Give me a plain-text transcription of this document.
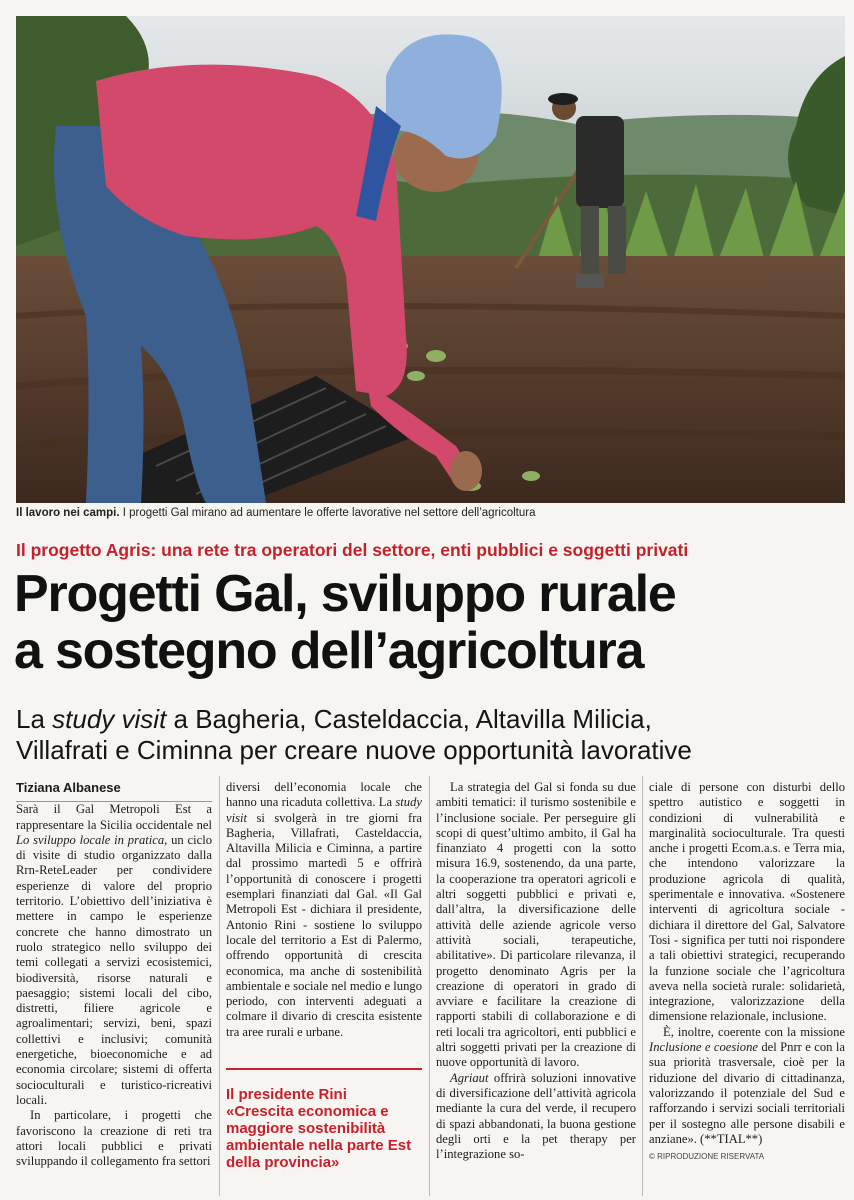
Il lavoro nei campi. I progetti Gal mirano ad aumentare le offerte lavorative nel settore dell’agricoltura
Il progetto Agris: una rete tra operatori del settore, enti pubblici e soggetti privati
Progetti Gal, sviluppo rurale
a sostegno dell’agricoltura
La study visit a Bagheria, Casteldaccia, Altavilla Milicia,
Villafrati e Ciminna per creare nuove opportunità lavorative

Tiziana Albanese

Sarà il Gal Metropoli Est a rappresentare la Sicilia occidentale nel Lo sviluppo locale in pratica, un ciclo di visite di studio organizzato dalla Rrn-ReteLeader per condividere esperienze di valore del proprio territorio. L’obiettivo dell’iniziativa è mettere in campo le esperienze concrete che hanno dimostrato un ruolo strategico nello sviluppo dei temi collegati a servizi ecosistemici, biodiversità, risorse naturali e paesaggio; sistemi locali del cibo, distretti, filiere agricole e agroalimentari; servizi, beni, spazi collettivi e inclusivi; comunità energetiche, bioeconomiche e ad economia circolare; sistemi di offerta socioculturali e turistico-ricreativi locali.

In particolare, i progetti che favoriscono la creazione di reti tra attori locali pubblici e privati sviluppando il collegamento fra settori

diversi dell’economia locale che hanno una ricaduta collettiva. La study visit si svolgerà in tre giorni fra Bagheria, Villafrati, Casteldaccia, Altavilla Milicia e Ciminna, a partire dal prossimo martedì 5 e offrirà l’opportunità di conoscere i progetti esemplari finanziati dal Gal. «Il Gal Metropoli Est - dichiara il presidente, Antonio Rini - sostiene lo sviluppo locale del territorio a Est di Palermo, offrendo opportunità di crescita economica, ma anche di sostenibilità ambientale e sociale nel medio e lungo periodo, con interventi adeguati a colmare il divario di crescita esistente tra aree rurali e urbane.

Il presidente Rini
«Crescita economica e maggiore sostenibilità ambientale nella parte Est della provincia»

La strategia del Gal si fonda su due ambiti tematici: il turismo sostenibile e l’inclusione sociale. Per perseguire gli scopi di quest’ultimo ambito, il Gal ha finanziato 4 progetti con la sotto misura 16.9, sostenendo, da una parte, la cooperazione tra operatori agricoli e altri soggetti pubblici e privati e, dall’altra, la diversificazione delle attività delle aziende agricole verso attività sociali, terapeutiche, abilitative». Di particolare rilevanza, il progetto denominato Agris per la creazione di operatori in grado di avviare e facilitare la creazione di rapporti stabili di collaborazione e di reti locali tra agricoltori, enti pubblici e altri soggetti privati per la creazione di nuove opportunità di lavoro.

Agriaut offrirà soluzioni innovative di diversificazione dell’attività agricola mediante la cura del verde, il recupero di spazi abbandonati, la buona gestione degli orti e la pet therapy per l’integrazione so-

ciale di persone con disturbi dello spettro autistico e soggetti in condizioni di vulnerabilità e marginalità socioculturale. Tra questi anche i progetti Ecom.a.s. e Terra mia, che intendono valorizzare la produzione agricola di qualità, sperimentale e innovativa. «Sostenere interventi di agricoltura sociale - dichiara il direttore del Gal, Salvatore Tosi - significa per tutti noi rispondere a tali obiettivi strategici, recuperando la funzione sociale che l’agricoltura aveva nella società rurale: solidarietà, integrazione, valorizzazione della dimensione relazionale, inclusione.

È, inoltre, coerente con la missione Inclusione e coesione del Pnrr e con la sua priorità trasversale, cioè per la riduzione del divario di cittadinanza, valorizzando il potenziale del Sud e rafforzando i servizi sociali territoriali per il sostegno alle persone disabili e anziane». (**TIAL**)

© RIPRODUZIONE RISERVATA
